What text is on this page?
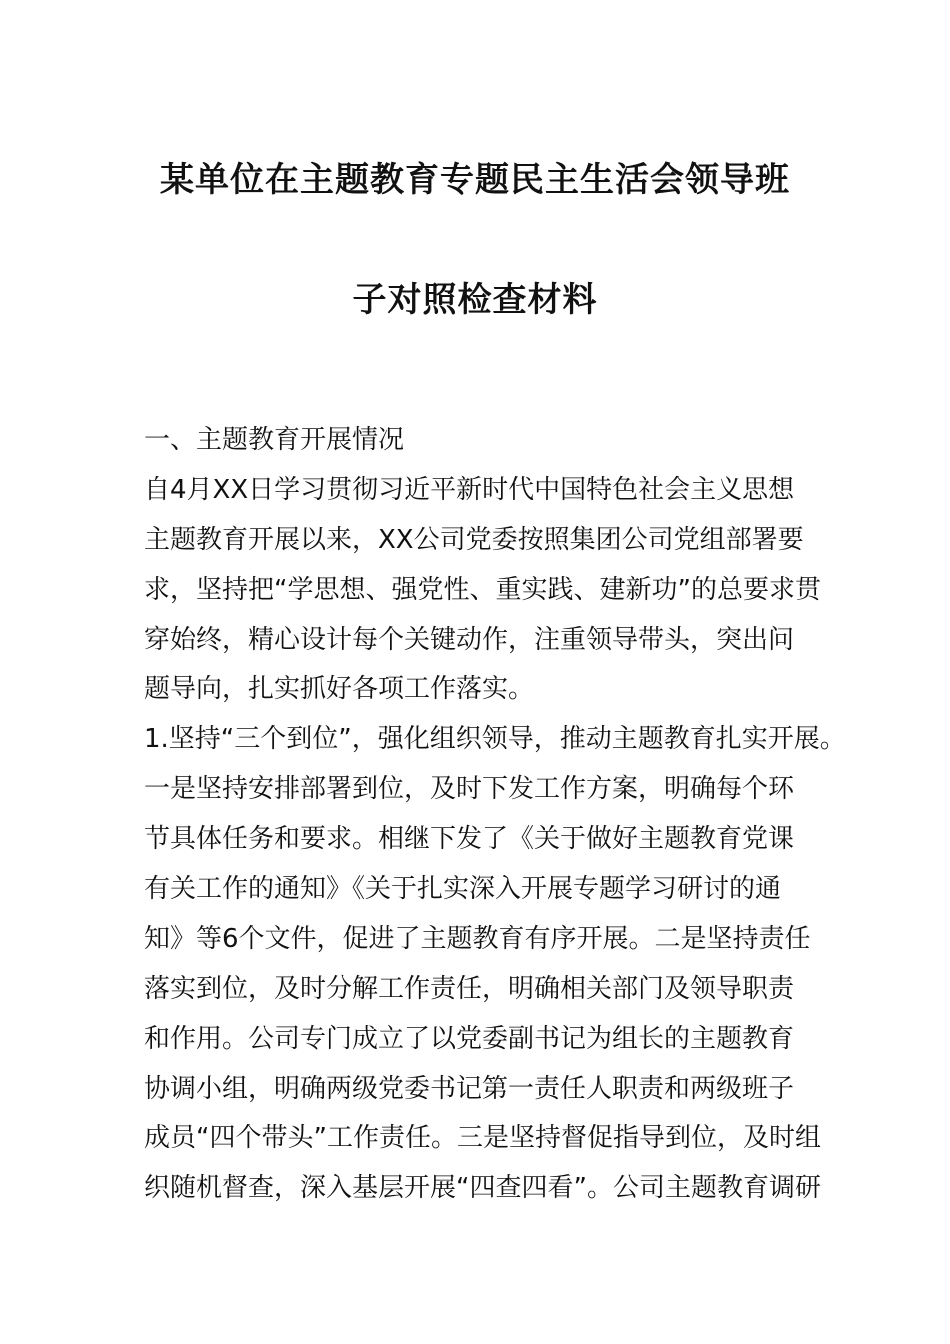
某单位在主题教育专题民主生活会领导班
子对照检查材料
一、主题教育开展情况
自4月XX日学习贯彻习近平新时代中国特色社会主义思想
主题教育开展以来，XX公司党委按照集团公司党组部署要
求，坚持把“学思想、强党性、重实践、建新功”的总要求贯
穿始终，精心设计每个关键动作，注重领导带头，突出问
题导向，扎实抓好各项工作落实。
1.坚持“三个到位”，强化组织领导，推动主题教育扎实开展。
一是坚持安排部署到位，及时下发工作方案，明确每个环
节具体任务和要求。相继下发了《关于做好主题教育党课
有关工作的通知》《关于扎实深入开展专题学习研讨的通
知》等6个文件，促进了主题教育有序开展。二是坚持责任
落实到位，及时分解工作责任，明确相关部门及领导职责
和作用。公司专门成立了以党委副书记为组长的主题教育
协调小组，明确两级党委书记第一责任人职责和两级班子
成员“四个带头”工作责任。三是坚持督促指导到位，及时组
织随机督查，深入基层开展“四查四看”。公司主题教育调研
